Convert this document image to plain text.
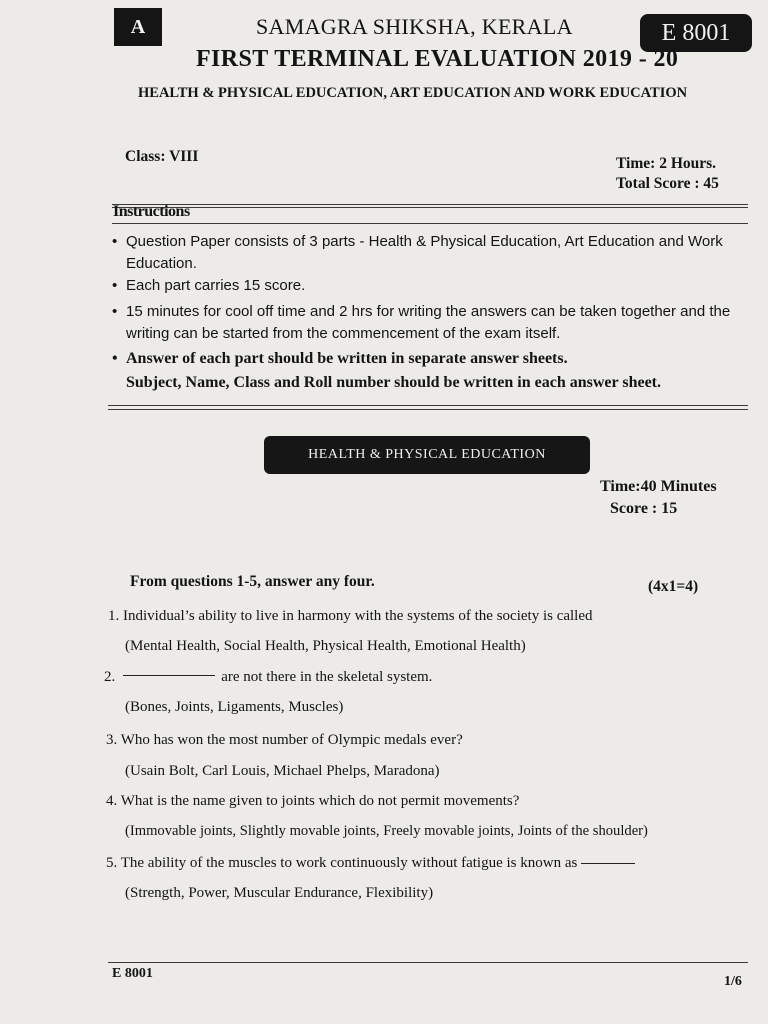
A	SAMAGRA SHIKSHA, KERALA	E 8001
FIRST TERMINAL EVALUATION 2019 - 20
HEALTH & PHYSICAL EDUCATION, ART EDUCATION AND WORK EDUCATION
Class: VIII	Time: 2 Hours.
Total Score : 45
Instructions
• Question Paper consists of 3 parts - Health & Physical Education, Art Education and Work Education.
• Each part carries 15 score.
• 15 minutes for cool off time and 2 hrs for writing the answers can be taken together and the writing can be started from the commencement of the exam itself.
• Answer of each part should be written in separate answer sheets.
Subject, Name, Class and Roll number should be written in each answer sheet.
HEALTH & PHYSICAL EDUCATION
Time:40 Minutes
Score : 15
From questions 1-5, answer any four.	(4x1=4)
1. Individual’s ability to live in harmony with the systems of the society is called
(Mental Health, Social Health, Physical Health, Emotional Health)
2.	are not there in the skeletal system.
(Bones, Joints, Ligaments, Muscles)
3. Who has won the most number of Olympic medals ever?
(Usain Bolt, Carl Louis, Michael Phelps, Maradona)
4. What is the name given to joints which do not permit movements?
(Immovable joints, Slightly movable joints, Freely movable joints, Joints of the shoulder)
5. The ability of the muscles to work continuously without fatigue is known as
(Strength, Power, Muscular Endurance, Flexibility)
E 8001
1/6
